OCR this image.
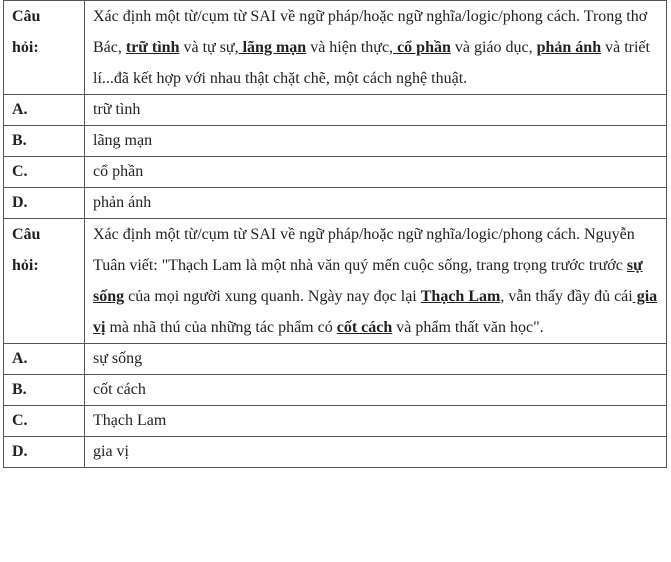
Câu
hỏi:	Xác định một từ/cụm từ SAI về ngữ pháp/hoặc ngữ nghĩa/logic/phong cách. Trong thơ Bác, trữ tình và tự sự, lãng mạn và hiện thực, cổ phần và giáo dục, phản ánh và triết lí...đã kết hợp với nhau thật chặt chẽ, một cách nghệ thuật.
A.	trữ tình
B.	lãng mạn
C.	cổ phần
D.	phản ánh

Câu
hỏi:	Xác định một từ/cụm từ SAI về ngữ pháp/hoặc ngữ nghĩa/logic/phong cách. Nguyễn Tuân viết: "Thạch Lam là một nhà văn quý mến cuộc sống, trang trọng trước trước sự sống của mọi người xung quanh. Ngày nay đọc lại Thạch Lam, vẫn thấy đầy đủ cái gia vị mà nhã thú của những tác phẩm có cốt cách và phẩm thất văn học".
A.	sự sống
B.	cốt cách
C.	Thạch Lam
D.	gia vị
